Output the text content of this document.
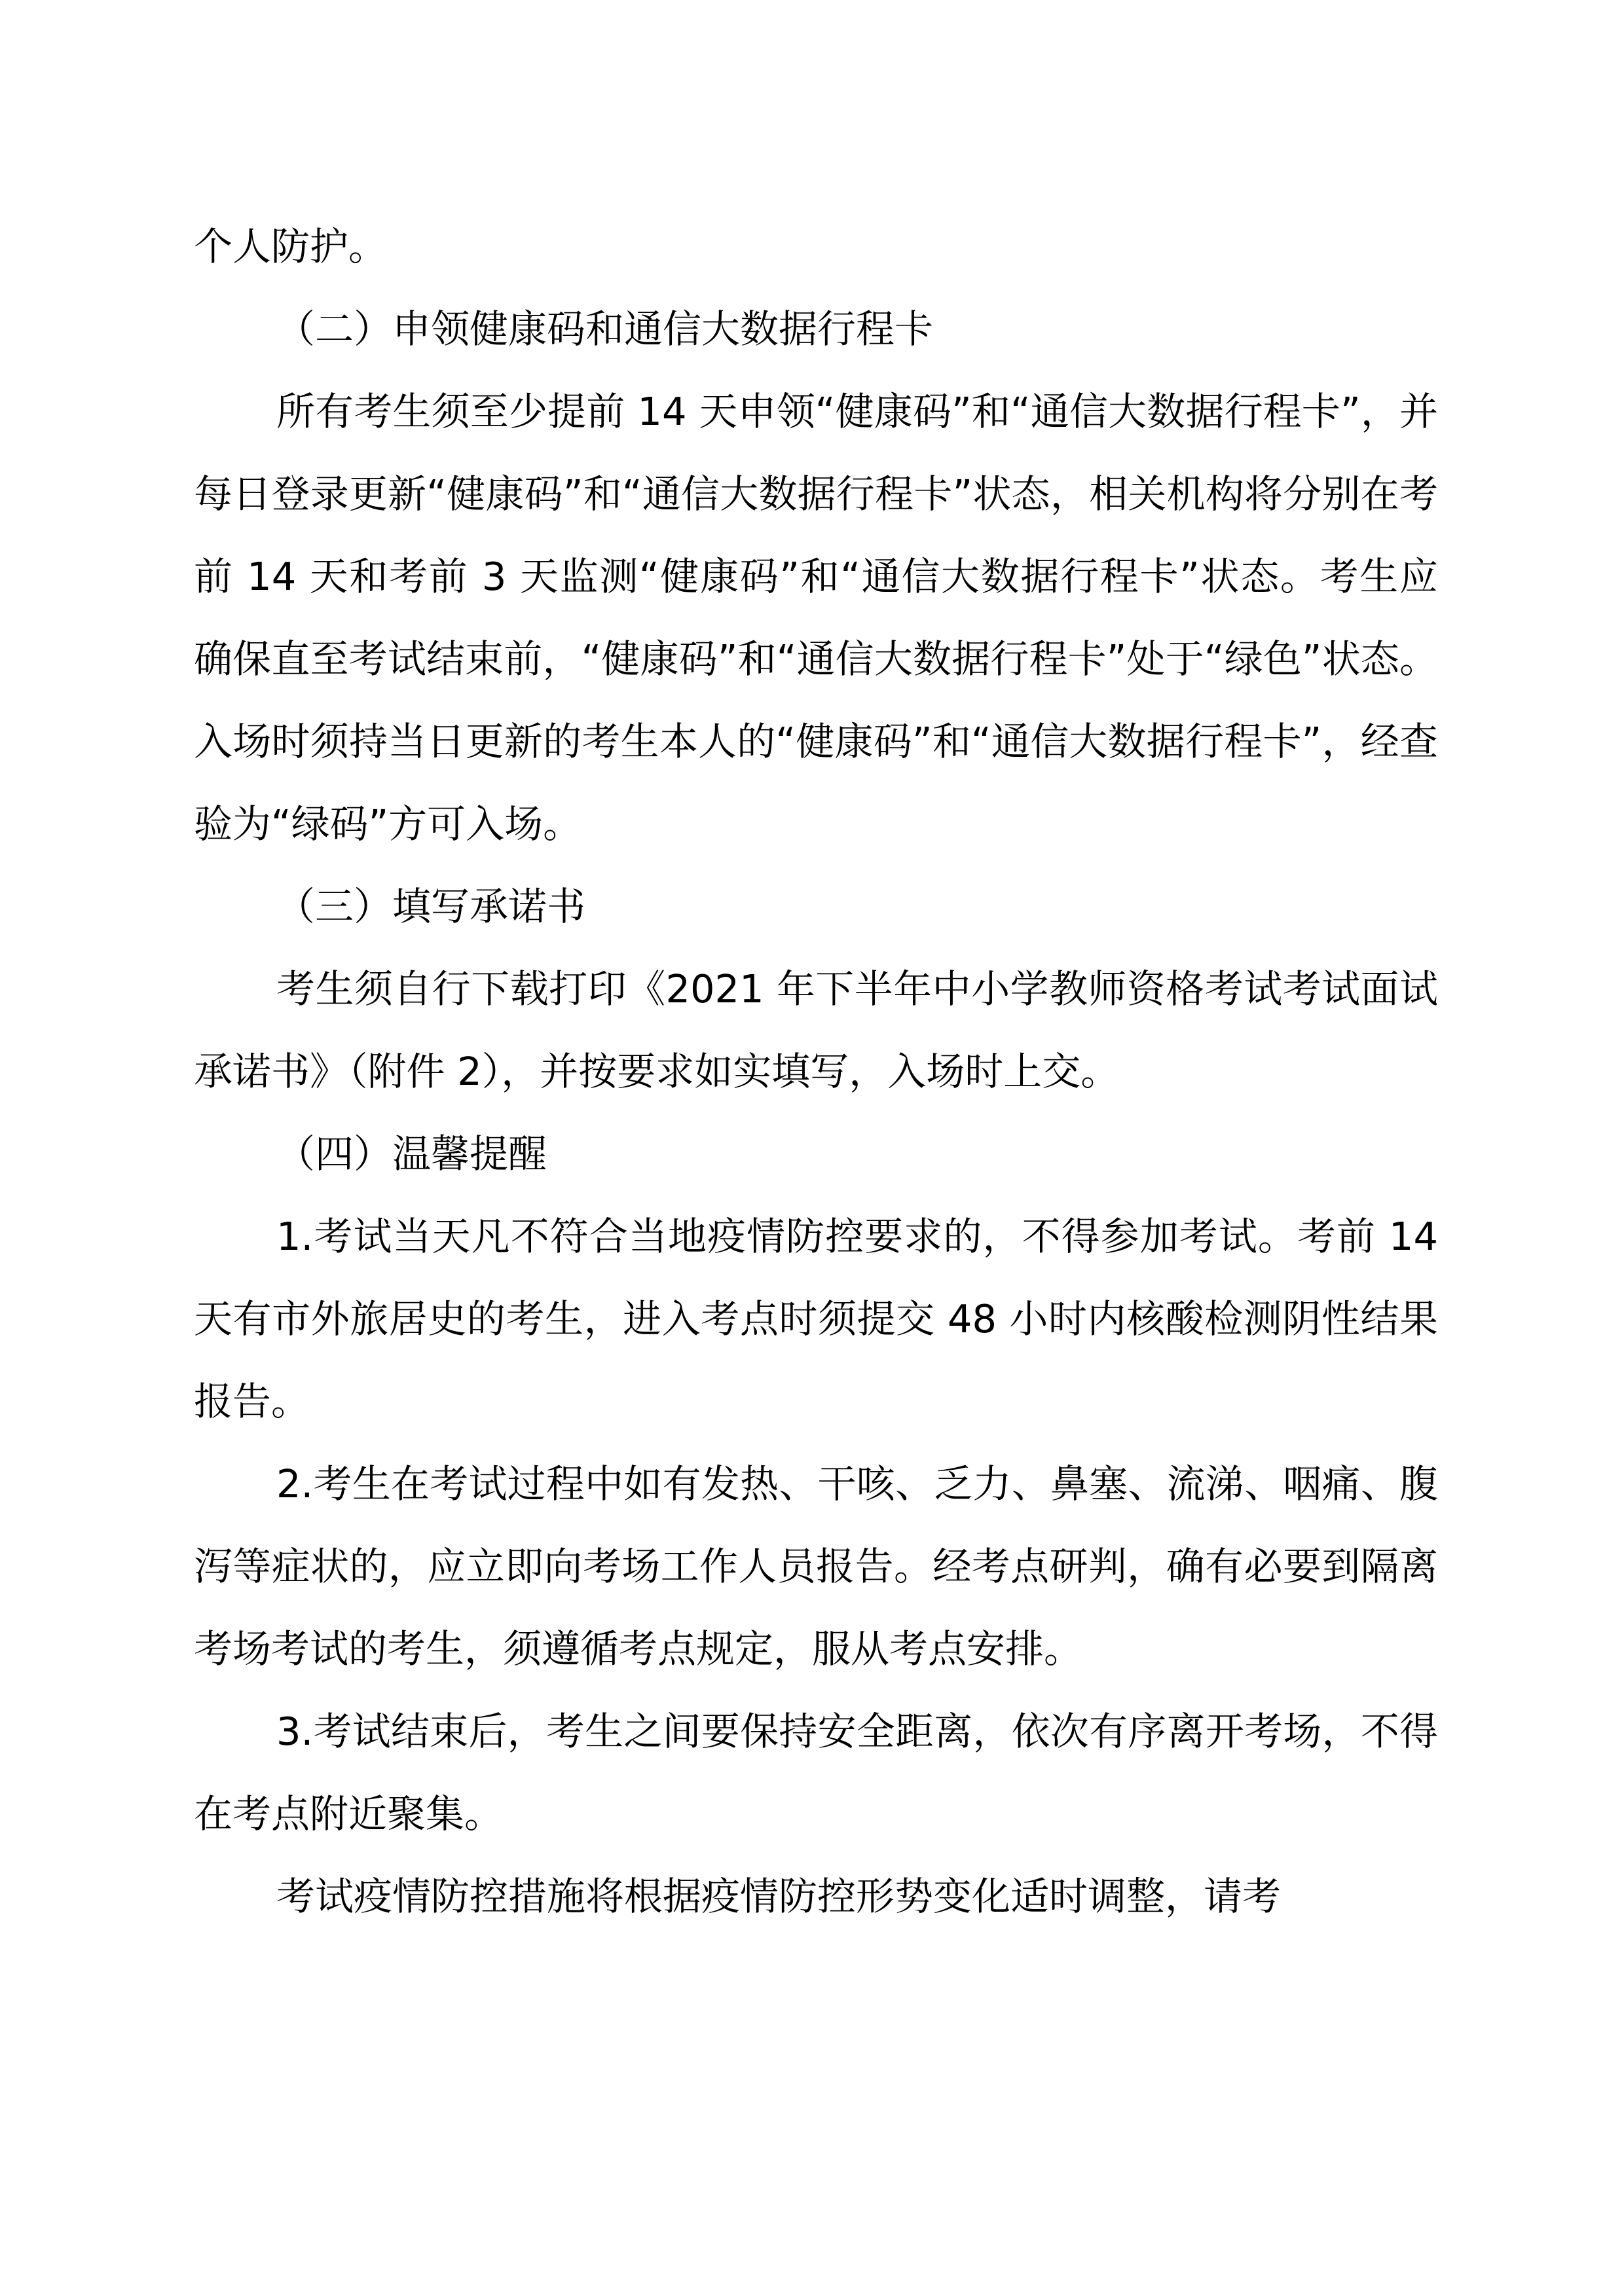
个人防护。

（二）申领健康码和通信大数据行程卡

所有考生须至少提前 14 天申领“健康码”和“通信大数据行程卡”，并每日登录更新“健康码”和“通信大数据行程卡”状态，相关机构将分别在考前 14 天和考前 3 天监测“健康码”和“通信大数据行程卡”状态。考生应确保直至考试结束前，“健康码”和“通信大数据行程卡”处于“绿色”状态。入场时须持当日更新的考生本人的“健康码”和“通信大数据行程卡”，经查验为“绿码”方可入场。

（三）填写承诺书

考生须自行下载打印《2021 年下半年中小学教师资格考试考试面试承诺书》（附件 2），并按要求如实填写，入场时上交。

（四）温馨提醒

1.考试当天凡不符合当地疫情防控要求的，不得参加考试。考前 14 天有市外旅居史的考生，进入考点时须提交 48 小时内核酸检测阴性结果报告。

2.考生在考试过程中如有发热、干咳、乏力、鼻塞、流涕、咽痛、腹泻等症状的，应立即向考场工作人员报告。经考点研判，确有必要到隔离考场考试的考生，须遵循考点规定，服从考点安排。

3.考试结束后，考生之间要保持安全距离，依次有序离开考场，不得在考点附近聚集。

考试疫情防控措施将根据疫情防控形势变化适时调整，请考
